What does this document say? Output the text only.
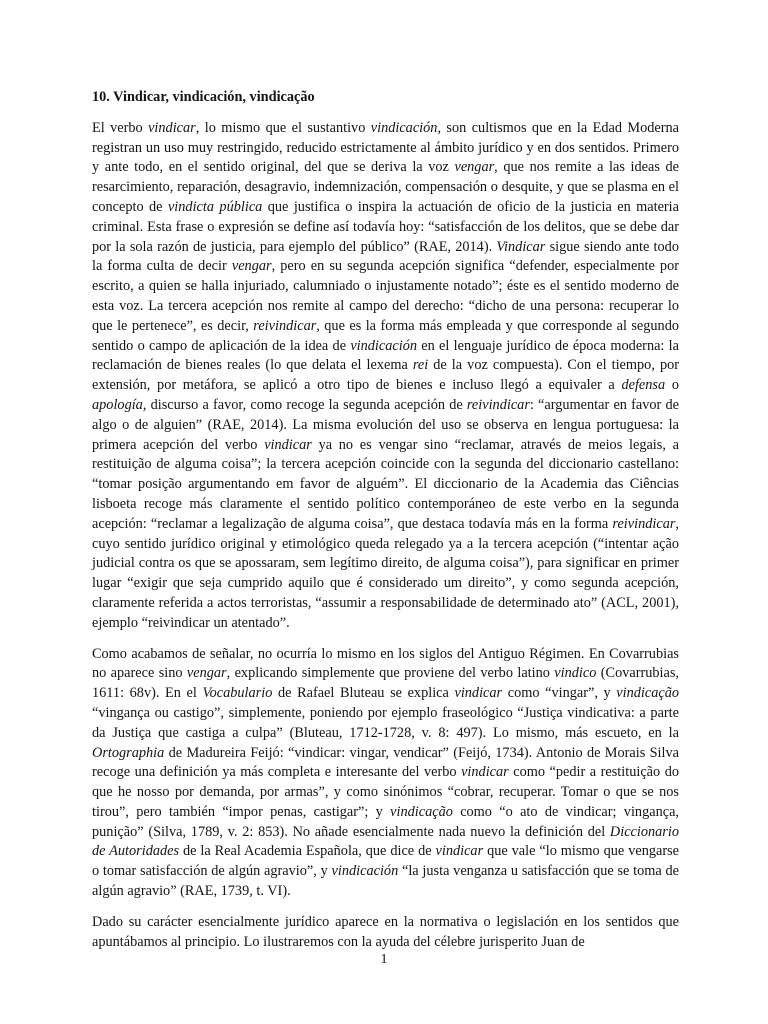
10. Vindicar, vindicación, vindicação

El verbo vindicar, lo mismo que el sustantivo vindicación, son cultismos que en la Edad Moderna registran un uso muy restringido, reducido estrictamente al ámbito jurídico y en dos sentidos. Primero y ante todo, en el sentido original, del que se deriva la voz vengar, que nos remite a las ideas de resarcimiento, reparación, desagravio, indemnización, compensación o desquite, y que se plasma en el concepto de vindicta pública que justifica o inspira la actuación de oficio de la justicia en materia criminal. Esta frase o expresión se define así todavía hoy: “satisfacción de los delitos, que se debe dar por la sola razón de justicia, para ejemplo del público” (RAE, 2014). Vindicar sigue siendo ante todo la forma culta de decir vengar, pero en su segunda acepción significa “defender, especialmente por escrito, a quien se halla injuriado, calumniado o injustamente notado”; éste es el sentido moderno de esta voz. La tercera acepción nos remite al campo del derecho: “dicho de una persona: recuperar lo que le pertenece”, es decir, reivindicar, que es la forma más empleada y que corresponde al segundo sentido o campo de aplicación de la idea de vindicación en el lenguaje jurídico de época moderna: la reclamación de bienes reales (lo que delata el lexema rei de la voz compuesta). Con el tiempo, por extensión, por metáfora, se aplicó a otro tipo de bienes e incluso llegó a equivaler a defensa o apología, discurso a favor, como recoge la segunda acepción de reivindicar: “argumentar en favor de algo o de alguien” (RAE, 2014). La misma evolución del uso se observa en lengua portuguesa: la primera acepción del verbo vindicar ya no es vengar sino “reclamar, através de meios legais, a restituição de alguma coisa”; la tercera acepción coincide con la segunda del diccionario castellano: “tomar posição argumentando em favor de alguém”. El diccionario de la Academia das Ciências lisboeta recoge más claramente el sentido político contemporáneo de este verbo en la segunda acepción: “reclamar a legalização de alguma coisa”, que destaca todavía más en la forma reivindicar, cuyo sentido jurídico original y etimológico queda relegado ya a la tercera acepción (“intentar ação judicial contra os que se apossaram, sem legítimo direito, de alguma coisa”), para significar en primer lugar “exigir que seja cumprido aquilo que é considerado um direito”, y como segunda acepción, claramente referida a actos terroristas, “assumir a responsabilidade de determinado ato” (ACL, 2001), ejemplo “reivindicar un atentado”.

Como acabamos de señalar, no ocurría lo mismo en los siglos del Antiguo Régimen. En Covarrubias no aparece sino vengar, explicando simplemente que proviene del verbo latino vindico (Covarrubias, 1611: 68v). En el Vocabulario de Rafael Bluteau se explica vindicar como “vingar”, y vindicação “vingança ou castigo”, simplemente, poniendo por ejemplo fraseológico “Justiça vindicativa: a parte da Justiça que castiga a culpa” (Bluteau, 1712-1728, v. 8: 497). Lo mismo, más escueto, en la Ortographia de Madureira Feijó: “vindicar: vingar, vendicar” (Feijó, 1734). Antonio de Morais Silva recoge una definición ya más completa e interesante del verbo vindicar como “pedir a restituição do que he nosso por demanda, por armas”, y como sinónimos “cobrar, recuperar. Tomar o que se nos tirou”, pero también “impor penas, castigar”; y vindicação como “o ato de vindicar; vingança, punição” (Silva, 1789, v. 2: 853). No añade esencialmente nada nuevo la definición del Diccionario de Autoridades de la Real Academia Española, que dice de vindicar que vale “lo mismo que vengarse o tomar satisfacción de algún agravio”, y vindicación “la justa venganza u satisfacción que se toma de algún agravio” (RAE, 1739, t. VI).

Dado su carácter esencialmente jurídico aparece en la normativa o legislación en los sentidos que apuntábamos al principio. Lo ilustraremos con la ayuda del célebre jurisperito Juan de

1
